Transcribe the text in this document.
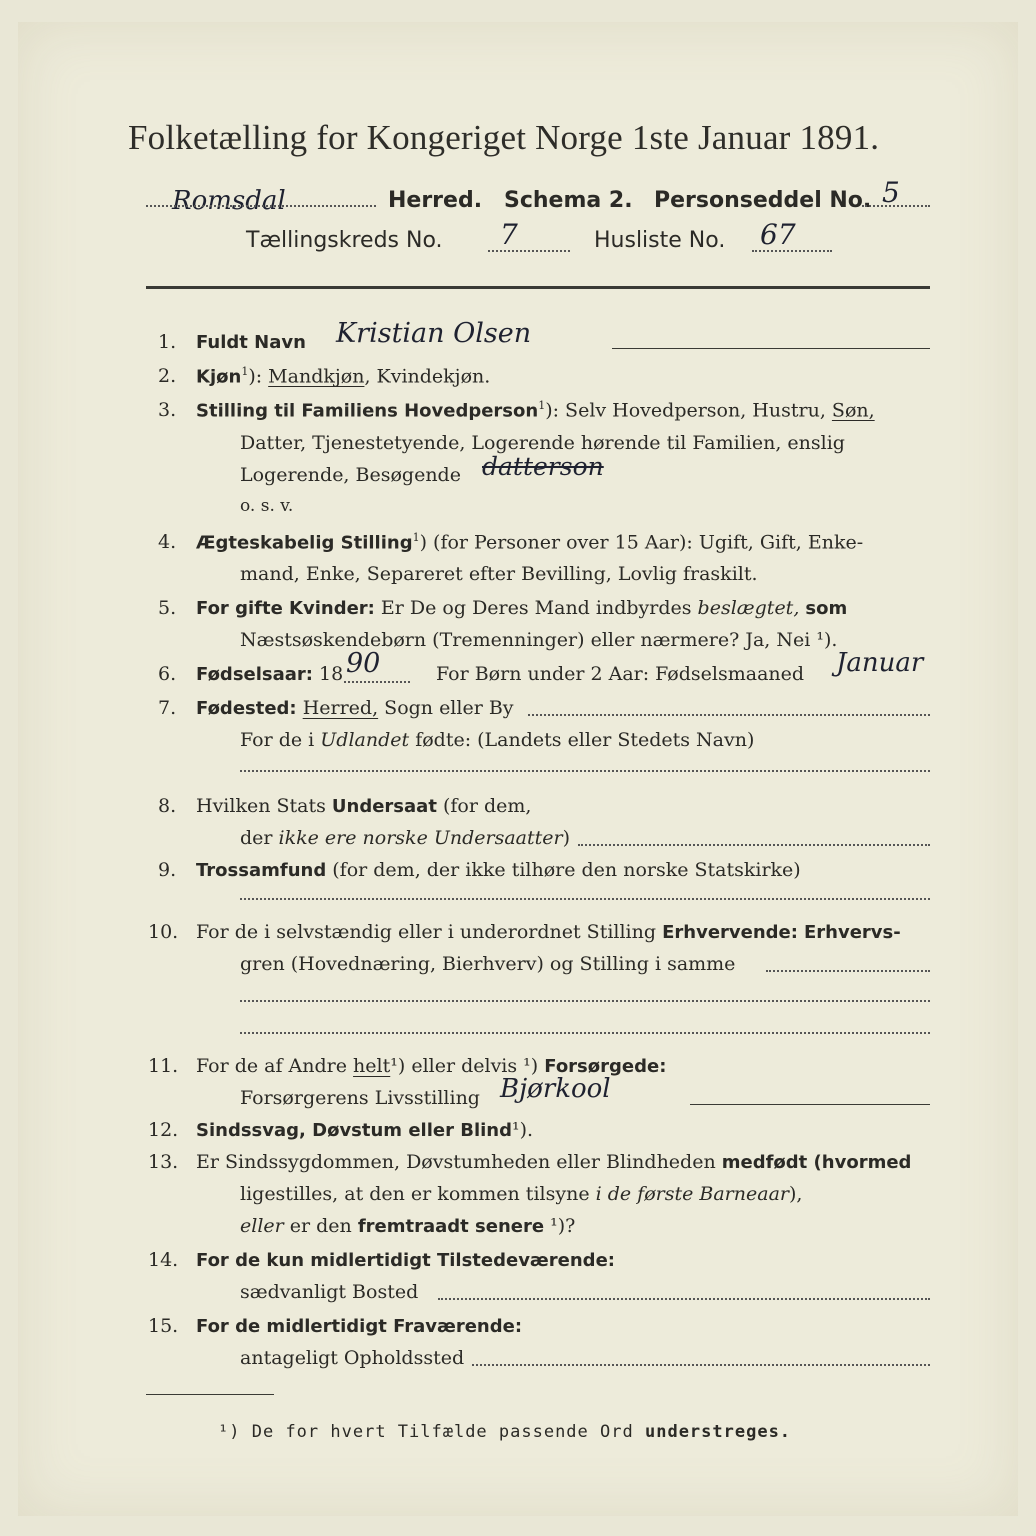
Folketælling for Kongeriget Norge 1ste Januar 1891.
Romsdal	Herred. Schema 2. Personseddel No. 5
Tællingskreds No. 7	Husliste No. 67
1. Fuldt Navn Kristian Olsen
2. Kjøn$^1$): Mandkjøn, Kvindekjøn.
3. Stilling til Familiens Hovedperson$^1$): Selv Hovedperson, Hustru, Søn,
Datter, Tjenestetyende, Logerende hørende til Familien, enslig
Logerende, Besøgende datterson
o. s. v.
4. Ægteskabelig Stilling$^1$) (for Personer over 15 Aar): Ugift, Gift, Enke-
mand, Enke, Separeret efter Bevilling, Lovlig fraskilt.
5. For gifte Kvinder: Er De og Deres Mand indbyrdes beslægtet, som
Næstsøskendebørn (Tremenninger) eller nærmere? Ja, Nei ¹).
6. Fødselsaar: 18 90	For Børn under 2 Aar: Fødselsmaaned Januar
7. Fødested: Herred, Sogn eller By
For de i Udlandet fødte: (Landets eller Stedets Navn)
8. Hvilken Stats Undersaat (for dem,
der ikke ere norske Undersaatter)
9. Trossamfund (for dem, der ikke tilhøre den norske Statskirke)
10. For de i selvstændig eller i underordnet Stilling Erhvervende: Erhvervs-
gren (Hovednæring, Bierhverv) og Stilling i samme
11. For de af Andre helt¹) eller delvis ¹) Forsørgede:
Forsørgerens Livsstilling Bjørkool
12. Sindssvag, Døvstum eller Blind¹).
13. Er Sindssygdommen, Døvstumheden eller Blindheden medfødt (hvormed
ligestilles, at den er kommen tilsyne i de første Barneaar),
eller er den fremtraadt senere ¹)?
14. For de kun midlertidigt Tilstedeværende:
sædvanligt Bosted
15. For de midlertidigt Fraværende:
antageligt Opholdssted
¹) De for hvert Tilfælde passende Ord understreges.
